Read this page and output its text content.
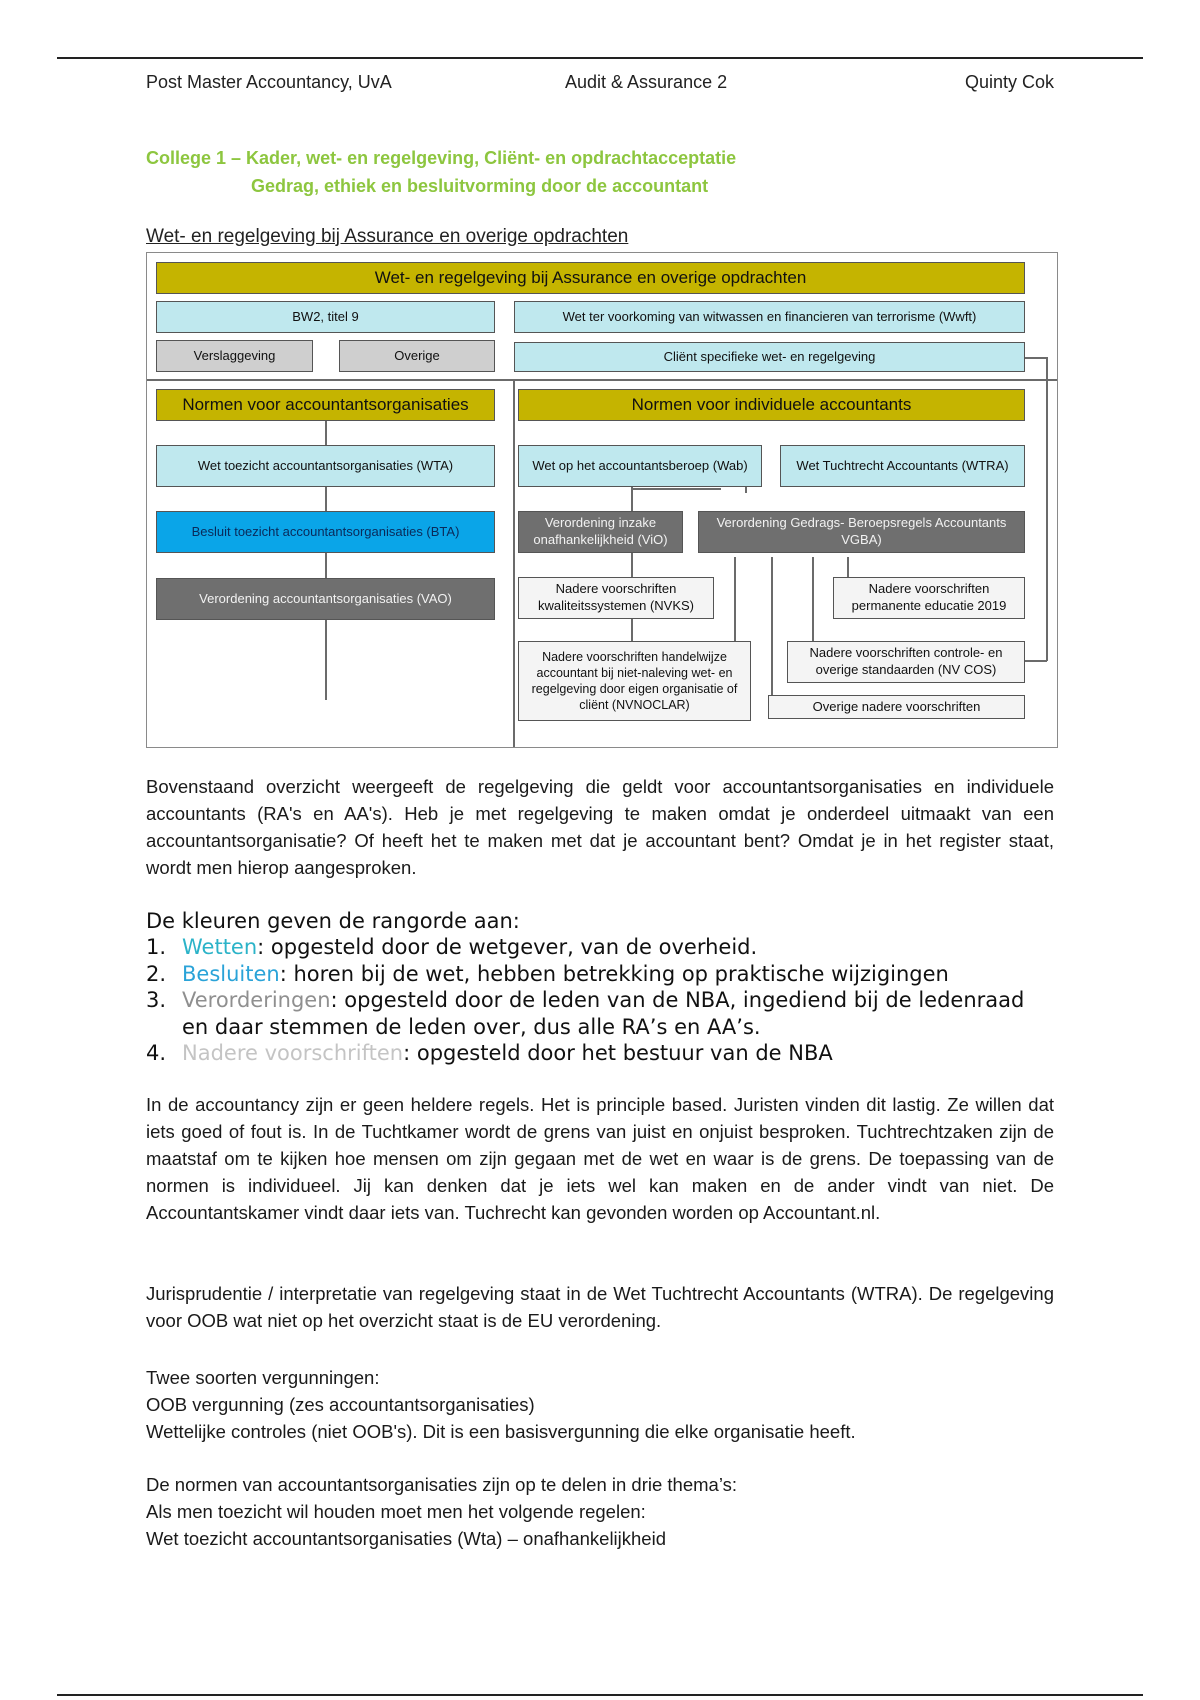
Post Master Accountancy, UvA	Audit & Assurance 2	Quinty Cok
College 1 – Kader, wet- en regelgeving, Cliënt- en opdrachtacceptatie
Gedrag, ethiek en besluitvorming door de accountant
Wet- en regelgeving bij Assurance en overige opdrachten
Wet- en regelgeving bij Assurance en overige opdrachten
BW2, titel 9	Wet ter voorkoming van witwassen en financieren van terrorisme (Wwft)
Verslaggeving	Overige	Cliënt specifieke wet- en regelgeving
Normen voor accountantsorganisaties	Normen voor individuele accountants
Wet toezicht accountantsorganisaties (WTA)	Wet op het accountantsberoep (Wab)	Wet Tuchtrecht Accountants (WTRA)
Besluit toezicht accountantsorganisaties (BTA)
Verordening inzake onafhankelijkheid (ViO)
Verordening Gedrags- Beroepsregels Accountants VGBA)
Verordening accountantsorganisaties (VAO)
Nadere voorschriften kwaliteitssystemen (NVKS)
Nadere voorschriften permanente educatie 2019
Nadere voorschriften handelwijze accountant bij niet-naleving wet- en regelgeving door eigen organisatie of cliënt (NVNOCLAR)
Nadere voorschriften controle- en overige standaarden (NV COS)
Overige nadere voorschriften
Bovenstaand overzicht weergeeft de regelgeving die geldt voor accountantsorganisaties en individuele accountants (RA's en AA's). Heb je met regelgeving te maken omdat je onderdeel uitmaakt van een accountantsorganisatie? Of heeft het te maken met dat je accountant bent? Omdat je in het register staat, wordt men hierop aangesproken.
De kleuren geven de rangorde aan:
1. Wetten: opgesteld door de wetgever, van de overheid.
2. Besluiten: horen bij de wet, hebben betrekking op praktische wijzigingen
3. Verorderingen: opgesteld door de leden van de NBA, ingediend bij de ledenraad en daar stemmen de leden over, dus alle RA’s en AA’s.
4. Nadere voorschriften: opgesteld door het bestuur van de NBA
In de accountancy zijn er geen heldere regels. Het is principle based. Juristen vinden dit lastig. Ze willen dat iets goed of fout is. In de Tuchtkamer wordt de grens van juist en onjuist besproken. Tuchtrechtzaken zijn de maatstaf om te kijken hoe mensen om zijn gegaan met de wet en waar is de grens. De toepassing van de normen is individueel. Jij kan denken dat je iets wel kan maken en de ander vindt van niet. De Accountantskamer vindt daar iets van. Tuchrecht kan gevonden worden op Accountant.nl.
Jurisprudentie / interpretatie van regelgeving staat in de Wet Tuchtrecht Accountants (WTRA). De regelgeving voor OOB wat niet op het overzicht staat is de EU verordening.
Twee soorten vergunningen:
OOB vergunning (zes accountantsorganisaties)
Wettelijke controles (niet OOB's). Dit is een basisvergunning die elke organisatie heeft.
De normen van accountantsorganisaties zijn op te delen in drie thema’s:
Als men toezicht wil houden moet men het volgende regelen:
Wet toezicht accountantsorganisaties (Wta) – onafhankelijkheid
